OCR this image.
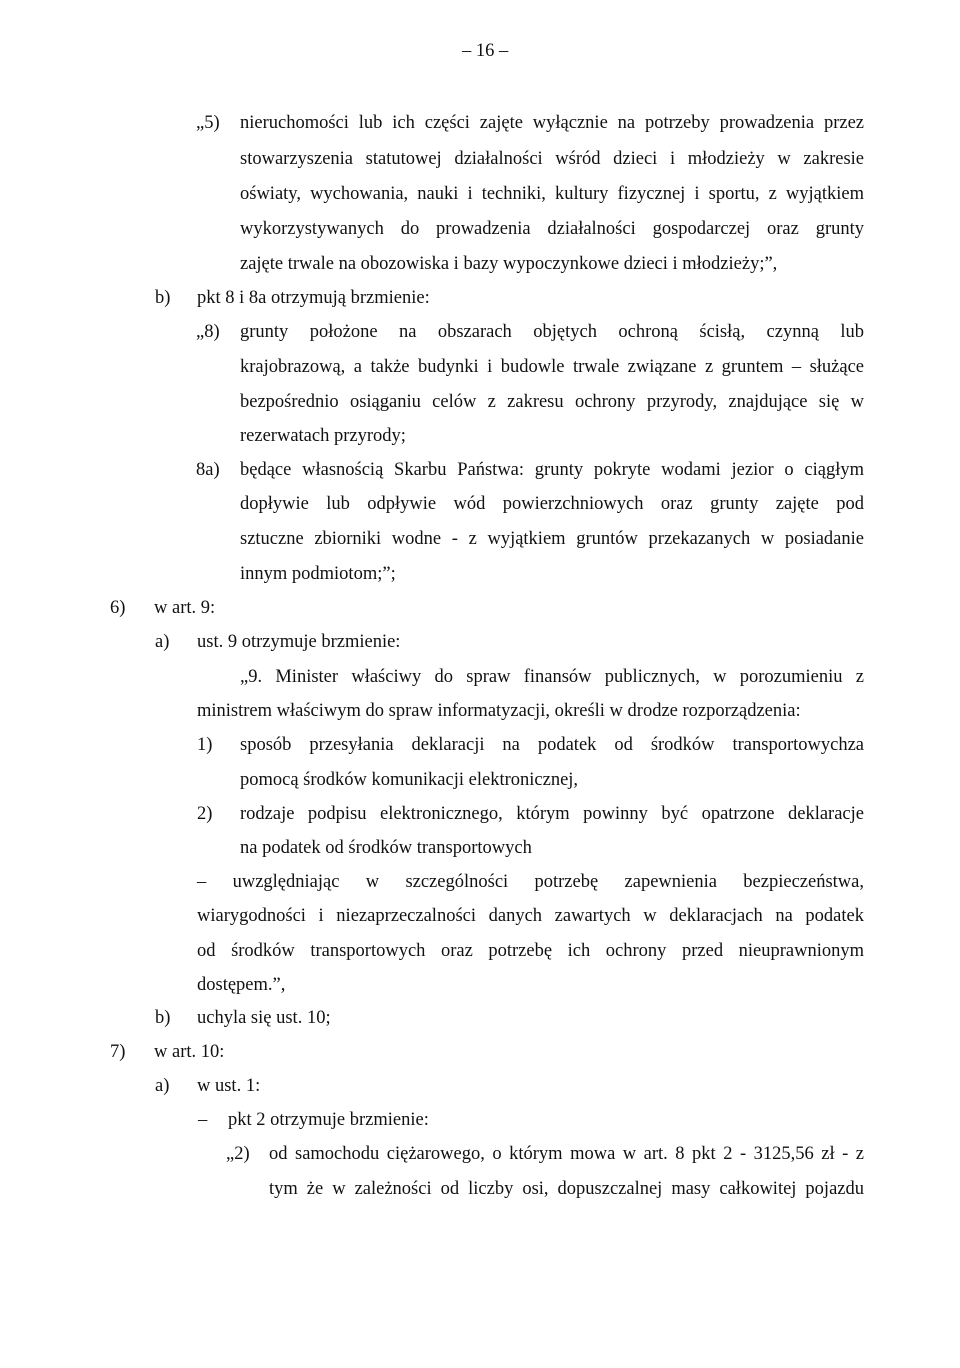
– 16 –
„5) nieruchomości lub ich części zajęte wyłącznie na potrzeby prowadzenia przez
stowarzyszenia statutowej działalności wśród dzieci i młodzieży w zakresie
oświaty, wychowania, nauki i techniki, kultury fizycznej i sportu, z wyjątkiem
wykorzystywanych do prowadzenia działalności gospodarczej oraz grunty
zajęte trwale na obozowiska i bazy wypoczynkowe dzieci i młodzieży;”,
b) pkt 8 i 8a otrzymują brzmienie:
„8) grunty położone na obszarach objętych ochroną ścisłą, czynną lub
krajobrazową, a także budynki i budowle trwale związane z gruntem – służące
bezpośrednio osiąganiu celów z zakresu ochrony przyrody, znajdujące się w
rezerwatach przyrody;
8a) będące własnością Skarbu Państwa: grunty pokryte wodami jezior o ciągłym
dopływie lub odpływie wód powierzchniowych oraz grunty zajęte pod
sztuczne zbiorniki wodne - z wyjątkiem gruntów przekazanych w posiadanie
innym podmiotom;”;
6) w art. 9:
a) ust. 9 otrzymuje brzmienie:
„9. Minister właściwy do spraw finansów publicznych, w porozumieniu z
ministrem właściwym do spraw informatyzacji, określi w drodze rozporządzenia:
1) sposób przesyłania deklaracji na podatek od środków transportowychza
pomocą środków komunikacji elektronicznej,
2) rodzaje podpisu elektronicznego, którym powinny być opatrzone deklaracje
na podatek od środków transportowych
– uwzględniając w szczególności potrzebę zapewnienia bezpieczeństwa,
wiarygodności i niezaprzeczalności danych zawartych w deklaracjach na podatek
od środków transportowych oraz potrzebę ich ochrony przed nieuprawnionym
dostępem.”,
b) uchyla się ust. 10;
7) w art. 10:
a) w ust. 1:
– pkt 2 otrzymuje brzmienie:
„2) od samochodu ciężarowego, o którym mowa w art. 8 pkt 2 - 3125,56 zł - z
tym że w zależności od liczby osi, dopuszczalnej masy całkowitej pojazdu
